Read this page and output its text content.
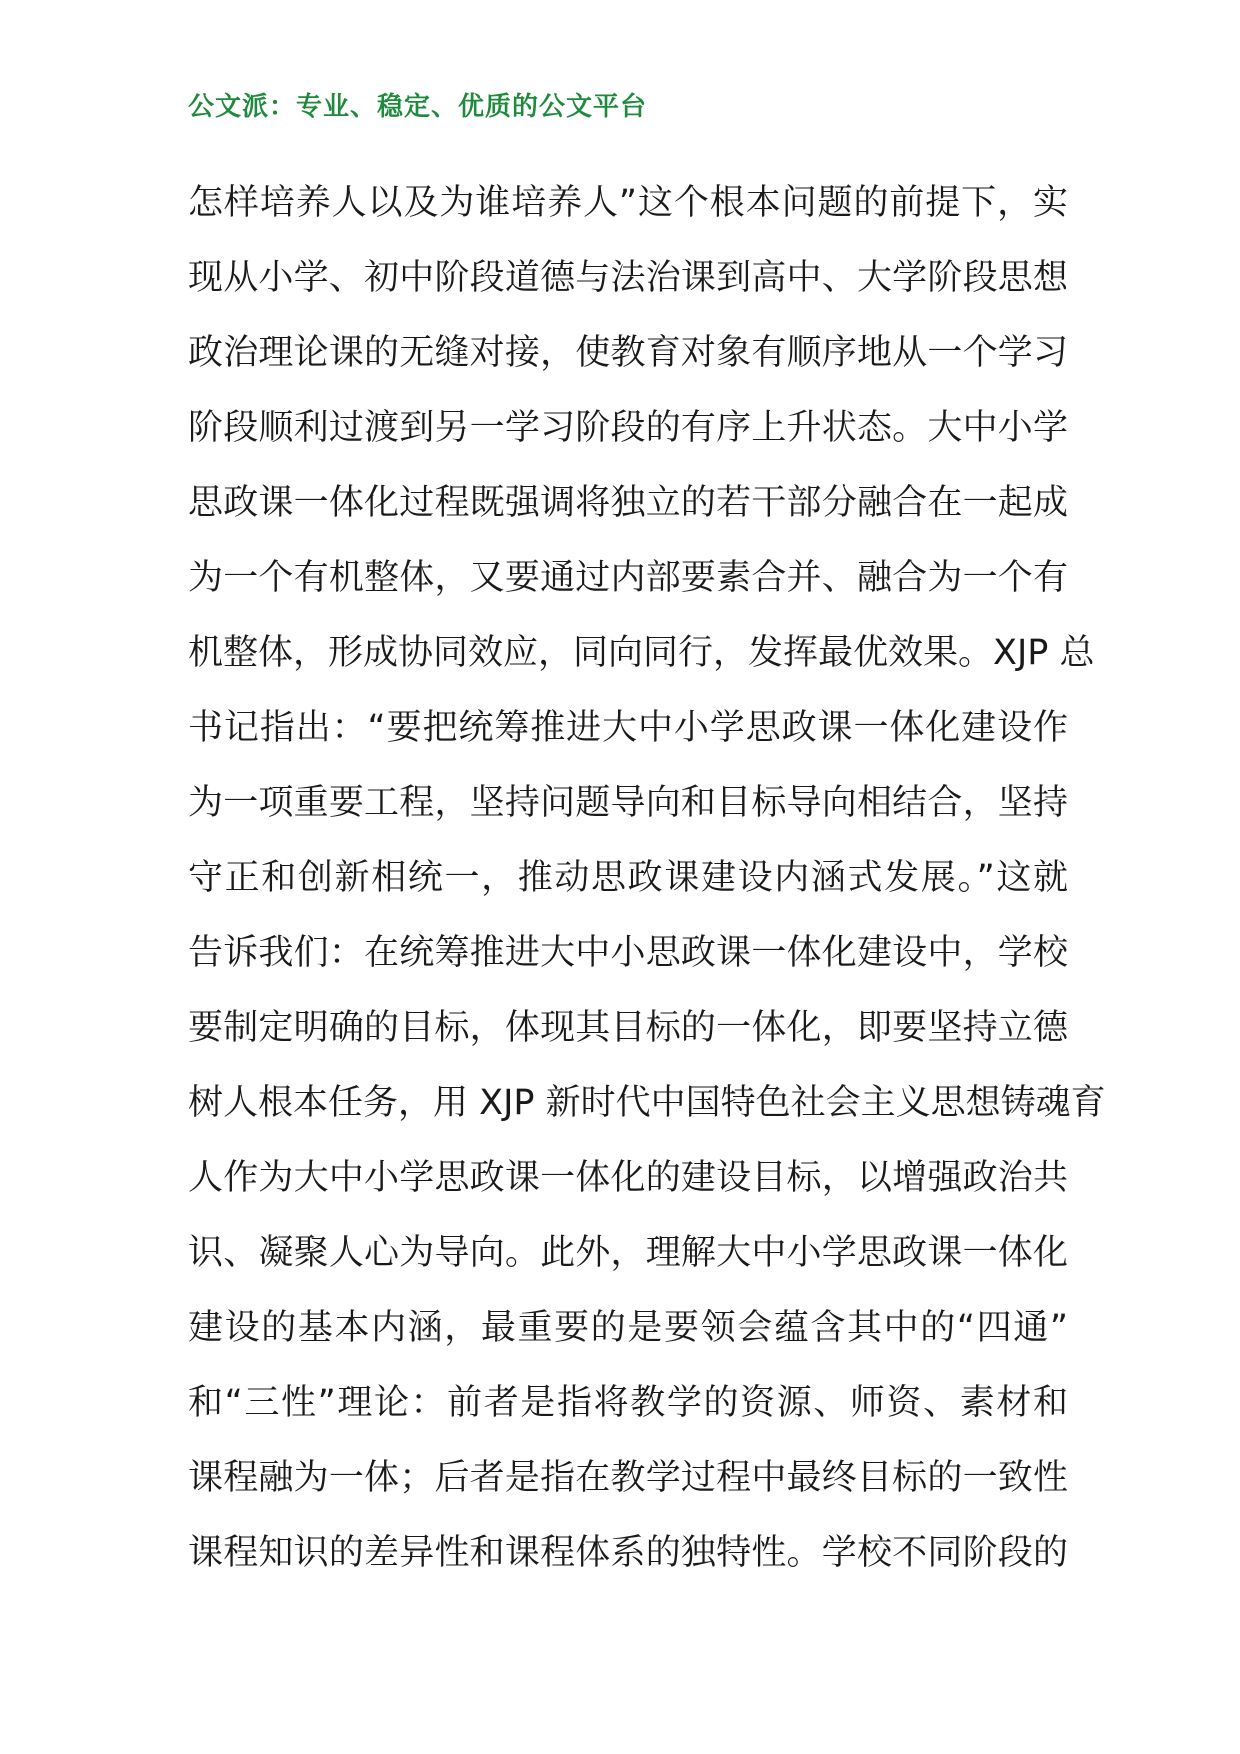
公文派：专业、稳定、优质的公文平台
怎样培养人以及为谁培养人”这个根本问题的前提下，实
现从小学、初中阶段道德与法治课到高中、大学阶段思想
政治理论课的无缝对接，使教育对象有顺序地从一个学习
阶段顺利过渡到另一学习阶段的有序上升状态。大中小学
思政课一体化过程既强调将独立的若干部分融合在一起成
为一个有机整体，又要通过内部要素合并、融合为一个有
机整体，形成协同效应，同向同行，发挥最优效果。XJP 总
书记指出：“要把统筹推进大中小学思政课一体化建设作
为一项重要工程，坚持问题导向和目标导向相结合，坚持
守正和创新相统一，推动思政课建设内涵式发展。”这就
告诉我们：在统筹推进大中小思政课一体化建设中，学校
要制定明确的目标，体现其目标的一体化，即要坚持立德
树人根本任务，用 XJP 新时代中国特色社会主义思想铸魂育
人作为大中小学思政课一体化的建设目标，以增强政治共
识、凝聚人心为导向。此外，理解大中小学思政课一体化
建设的基本内涵，最重要的是要领会蕴含其中的“四通”
和“三性”理论：前者是指将教学的资源、师资、素材和
课程融为一体；后者是指在教学过程中最终目标的一致性
课程知识的差异性和课程体系的独特性。学校不同阶段的
